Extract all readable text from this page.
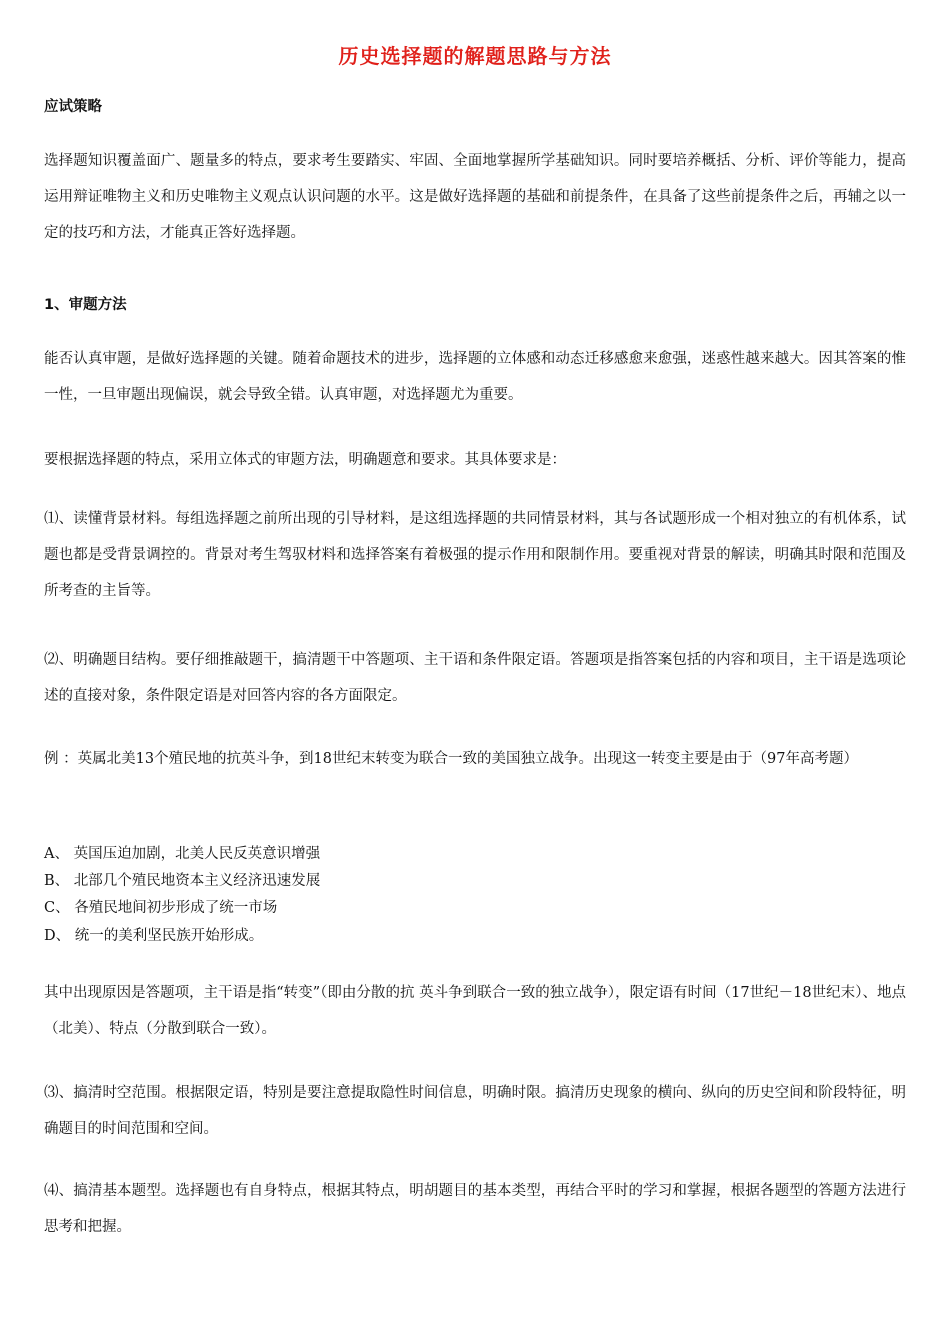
历史选择题的解题思路与方法
应试策略

选择题知识覆盖面广、题量多的特点，要求考生要踏实、牢固、全面地掌握所学基础知识。同时要培养概括、分析、评价等能力，提高运用辩证唯物主义和历史唯物主义观点认识问题的水平。这是做好选择题的基础和前提条件，在具备了这些前提条件之后，再辅之以一定的技巧和方法，才能真正答好选择题。

1、审题方法

能否认真审题，是做好选择题的关键。随着命题技术的进步，选择题的立体感和动态迁移感愈来愈强，迷惑性越来越大。因其答案的惟一性，一旦审题出现偏误，就会导致全错。认真审题，对选择题尤为重要。

要根据选择题的特点，采用立体式的审题方法，明确题意和要求。其具体要求是：

⑴、读懂背景材料。每组选择题之前所出现的引导材料，是这组选择题的共同情景材料，其与各试题形成一个相对独立的有机体系，试题也都是受背景调控的。背景对考生驾驭材料和选择答案有着极强的提示作用和限制作用。要重视对背景的解读，明确其时限和范围及所考查的主旨等。

⑵、明确题目结构。要仔细推敲题干，搞清题干中答题项、主干语和条件限定语。答题项是指答案包括的内容和项目，主干语是选项论述的直接对象，条件限定语是对回答内容的各方面限定。

例 ：英属北美13个殖民地的抗英斗争，到18世纪末转变为联合一致的美国独立战争。出现这一转变主要是由于（97年高考题）

A、 英国压迫加剧，北美人民反英意识增强

B、 北部几个殖民地资本主义经济迅速发展

C、 各殖民地间初步形成了统一市场

D、 统一的美利坚民族开始形成。

其中出现原因是答题项，主干语是指“转变”（即由分散的抗 英斗争到联合一致的独立战争），限定语有时间（17世纪－18世纪末）、地点（北美）、特点（分散到联合一致）。

⑶、搞清时空范围。根据限定语，特别是要注意提取隐性时间信息，明确时限。搞清历史现象的横向、纵向的历史空间和阶段特征，明确题目的时间范围和空间。

⑷、搞清基本题型。选择题也有自身特点，根据其特点，明胡题目的基本类型，再结合平时的学习和掌握，根据各题型的答题方法进行思考和把握。
